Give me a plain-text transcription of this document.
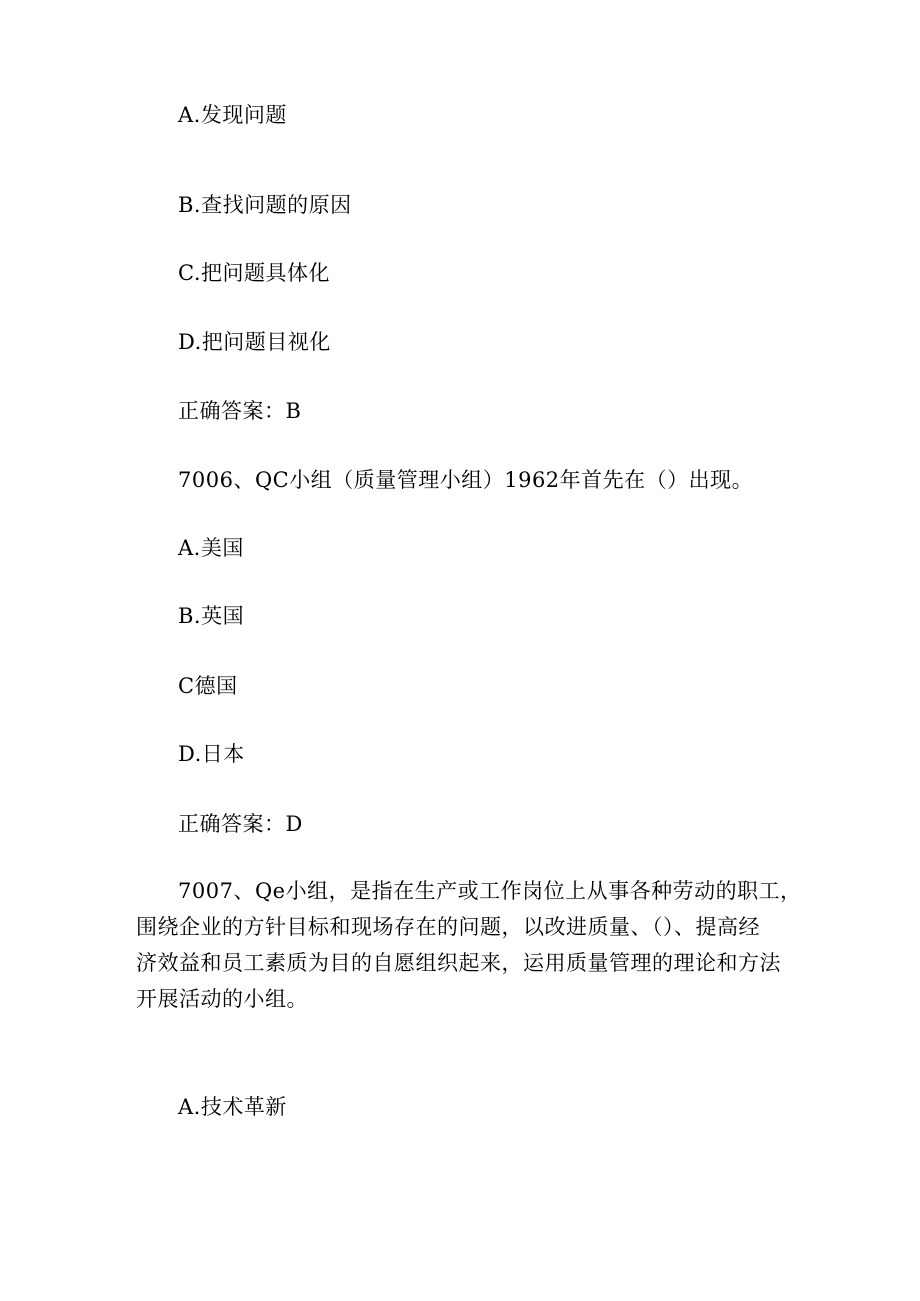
A.发现问题
B.查找问题的原因
C.把问题具体化
D.把问题目视化
正确答案：B
7006、QC小组（质量管理小组）1962年首先在（）出现。
A.美国
B.英国
C德国
D.日本
正确答案：D
7007、Qe小组，是指在生产或工作岗位上从事各种劳动的职工，
围绕企业的方针目标和现场存在的问题，以改进质量、（）、提高经
济效益和员工素质为目的自愿组织起来，运用质量管理的理论和方法
开展活动的小组。
A.技术革新
